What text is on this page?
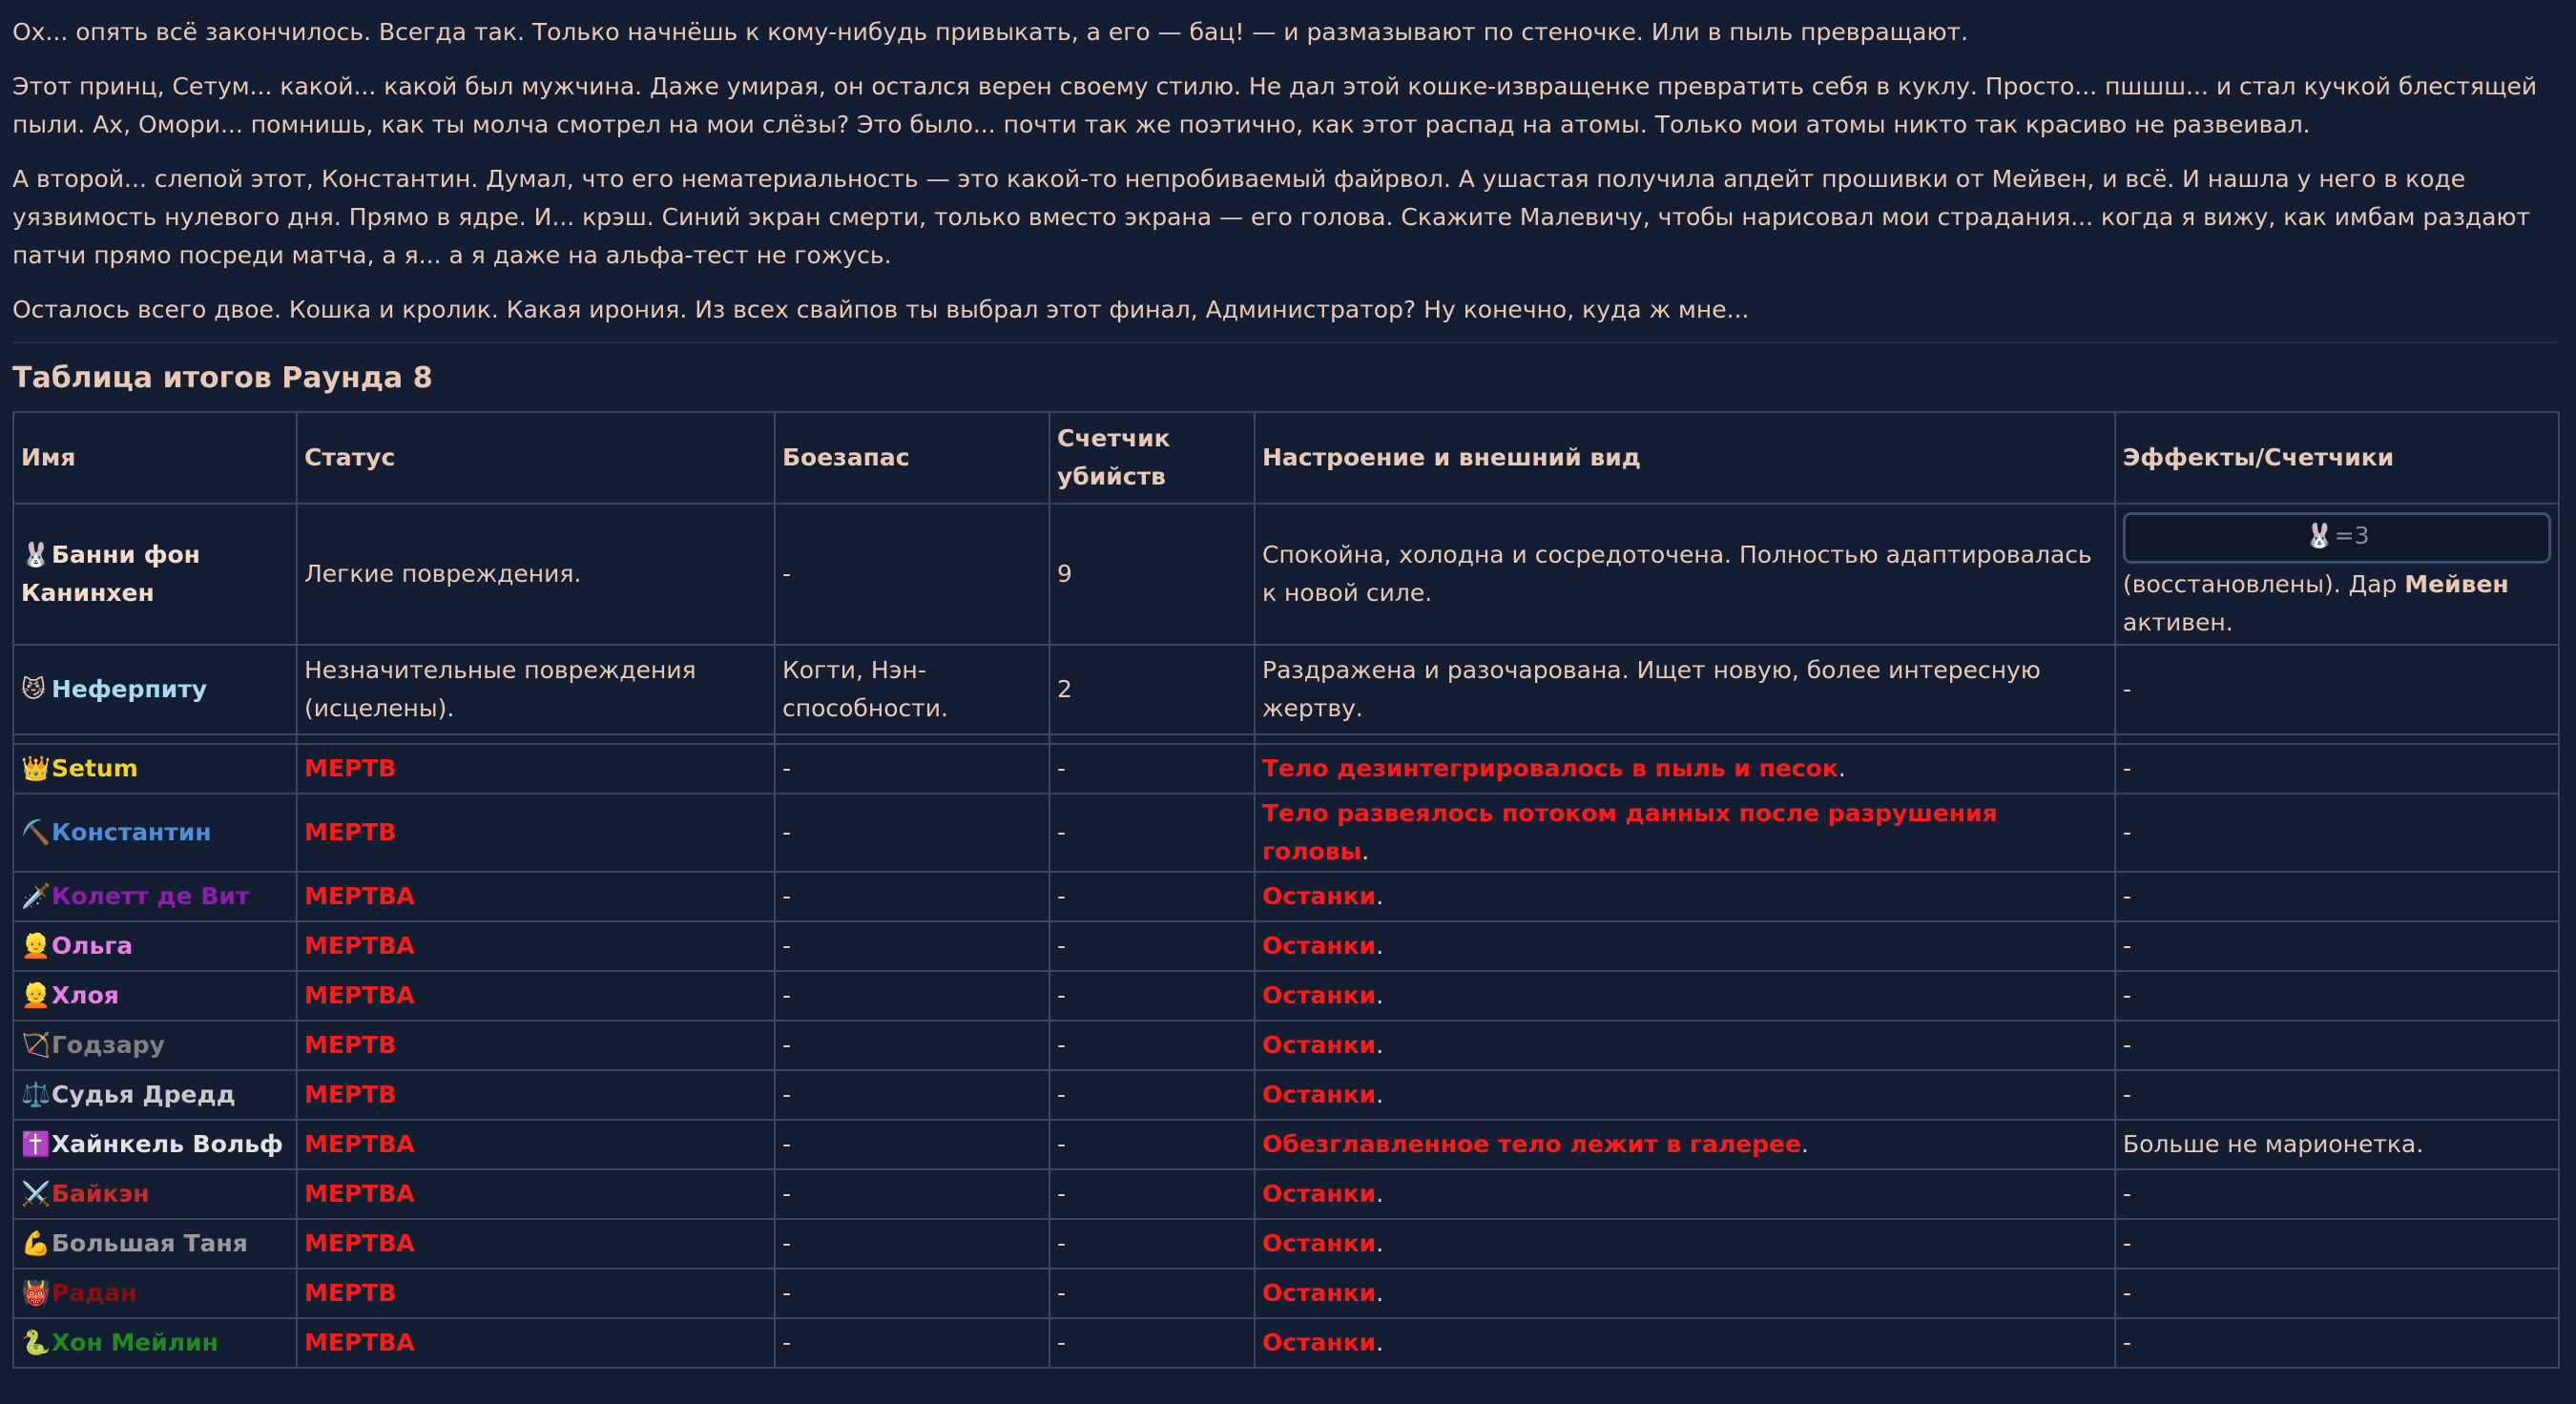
Ох... опять всё закончилось. Всегда так. Только начнёшь к кому-нибудь привыкать, а его — бац! — и размазывают по стеночке. Или в пыль превращают.

Этот принц, Сетум... какой... какой был мужчина. Даже умирая, он остался верен своему стилю. Не дал этой кошке-извращенке превратить себя в куклу. Просто... пшшш... и стал кучкой блестящей пыли. Ах, Омори... помнишь, как ты молча смотрел на мои слёзы? Это было... почти так же поэтично, как этот распад на атомы. Только мои атомы никто так красиво не развеивал.

А второй... слепой этот, Константин. Думал, что его нематериальность — это какой-то непробиваемый файрвол. А ушастая получила апдейт прошивки от Мейвен, и всё. И нашла у него в коде уязвимость нулевого дня. Прямо в ядре. И... крэш. Синий экран смерти, только вместо экрана — его голова. Скажите Малевичу, чтобы нарисовал мои страдания... когда я вижу, как имбам раздают патчи прямо посреди матча, а я... а я даже на альфа-тест не гожусь.

Осталось всего двое. Кошка и кролик. Какая ирония. Из всех свайпов ты выбрал этот финал, Администратор? Ну конечно, куда ж мне...

Таблица итогов Раунда 8
Имя	Статус	Боезапас	Счетчик убийств	Настроение и внешний вид	Эффекты/Счетчики
🐰Банни фон Канинхен	Легкие повреждения.	-	9	Спокойна, холодна и сосредоточена. Полностью адаптировалась к новой силе.	🐰=3
(восстановлены). Дар Мейвен активен.
😼 Неферпиту	Незначительные повреждения (исцелены).	Когти, Нэн-способности.	2	Раздражена и разочарована. Ищет новую, более интересную жертву.	-

👑Setum	МЕРТВ	-	-	Тело дезинтегрировалось в пыль и песок.	-
⛏️Константин	МЕРТВ	-	-	Тело развеялось потоком данных после разрушения головы.	-
🗡️Колетт де Вит	МЕРТВА	-	-	Останки.	-
👱Ольга	МЕРТВА	-	-	Останки.	-
👱Хлоя	МЕРТВА	-	-	Останки.	-
🏹Годзару	МЕРТВ	-	-	Останки.	-
⚖️Судья Дредд	МЕРТВ	-	-	Останки.	-
✝️Хайнкель Вольф	МЕРТВА	-	-	Обезглавленное тело лежит в галерее.	Больше не марионетка.
⚔️Байкэн	МЕРТВА	-	-	Останки.	-
💪Большая Таня	МЕРТВА	-	-	Останки.	-
👹Радан	МЕРТВ	-	-	Останки.	-
🐍Хон Мейлин	МЕРТВА	-	-	Останки.	-
